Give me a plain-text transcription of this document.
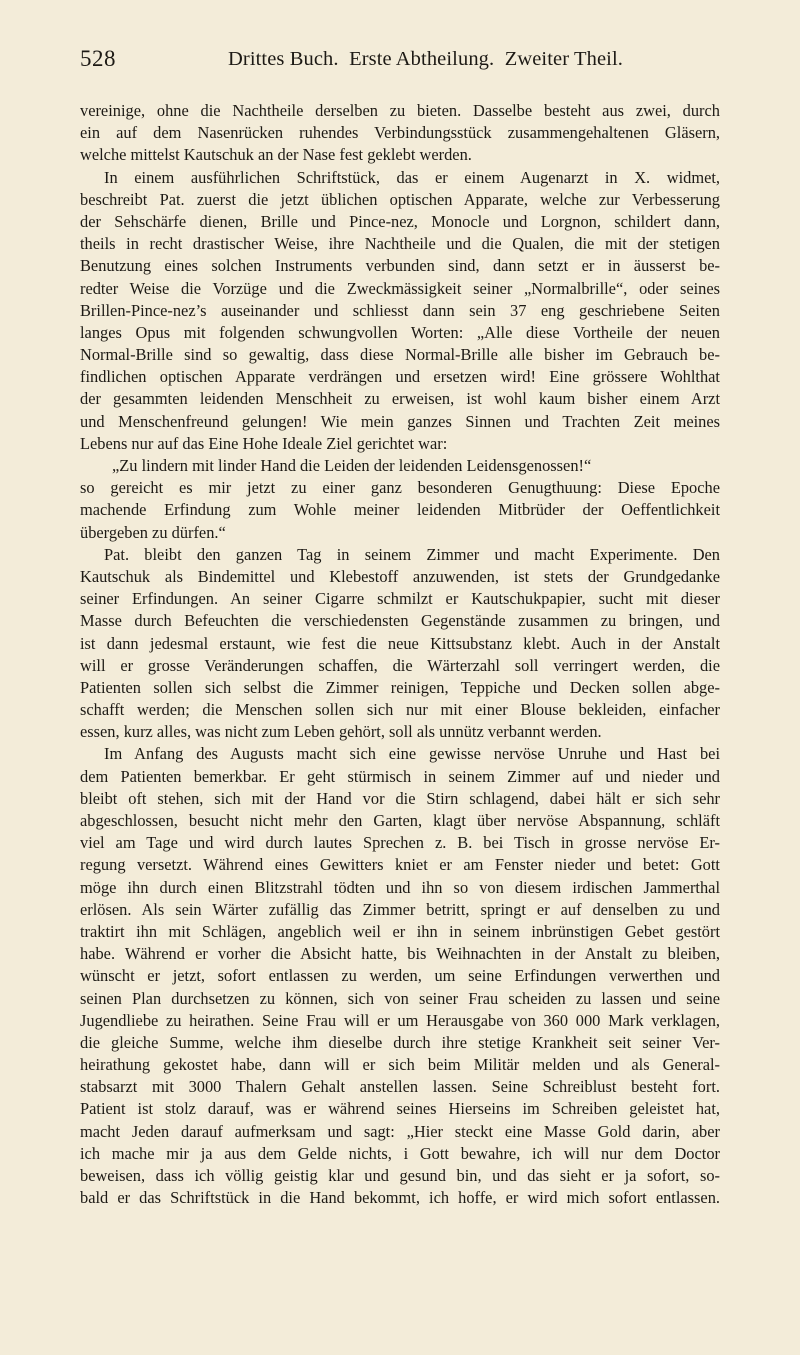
528	Drittes Buch.  Erste Abtheilung.  Zweiter Theil.
vereinige, ohne die Nachtheile derselben zu bieten. Dasselbe besteht aus zwei, durch
ein auf dem Nasenrücken ruhendes Verbindungsstück zusammengehaltenen Gläsern,
welche mittelst Kautschuk an der Nase fest geklebt werden.
In einem ausführlichen Schriftstück, das er einem Augenarzt in X. widmet,
beschreibt Pat. zuerst die jetzt üblichen optischen Apparate, welche zur Verbesserung
der Sehschärfe dienen, Brille und Pince-nez, Monocle und Lorgnon, schildert dann,
theils in recht drastischer Weise, ihre Nachtheile und die Qualen, die mit der stetigen
Benutzung eines solchen Instruments verbunden sind, dann setzt er in äusserst be-
redter Weise die Vorzüge und die Zweckmässigkeit seiner „Normalbrille“, oder seines
Brillen-Pince-nez’s auseinander und schliesst dann sein 37 eng geschriebene Seiten
langes Opus mit folgenden schwungvollen Worten: „Alle diese Vortheile der neuen
Normal-Brille sind so gewaltig, dass diese Normal-Brille alle bisher im Gebrauch be-
findlichen optischen Apparate verdrängen und ersetzen wird! Eine grössere Wohlthat
der gesammten leidenden Menschheit zu erweisen, ist wohl kaum bisher einem Arzt
und Menschenfreund gelungen! Wie mein ganzes Sinnen und Trachten Zeit meines
Lebens nur auf das Eine Hohe Ideale Ziel gerichtet war:
„Zu lindern mit linder Hand die Leiden der leidenden Leidensgenossen!“
so gereicht es mir jetzt zu einer ganz besonderen Genugthuung: Diese Epoche
machende Erfindung zum Wohle meiner leidenden Mitbrüder der Oeffentlichkeit
übergeben zu dürfen.“
Pat. bleibt den ganzen Tag in seinem Zimmer und macht Experimente. Den
Kautschuk als Bindemittel und Klebestoff anzuwenden, ist stets der Grundgedanke
seiner Erfindungen. An seiner Cigarre schmilzt er Kautschukpapier, sucht mit dieser
Masse durch Befeuchten die verschiedensten Gegenstände zusammen zu bringen, und
ist dann jedesmal erstaunt, wie fest die neue Kittsubstanz klebt. Auch in der Anstalt
will er grosse Veränderungen schaffen, die Wärterzahl soll verringert werden, die
Patienten sollen sich selbst die Zimmer reinigen, Teppiche und Decken sollen abge-
schafft werden; die Menschen sollen sich nur mit einer Blouse bekleiden, einfacher
essen, kurz alles, was nicht zum Leben gehört, soll als unnütz verbannt werden.
Im Anfang des Augusts macht sich eine gewisse nervöse Unruhe und Hast bei
dem Patienten bemerkbar. Er geht stürmisch in seinem Zimmer auf und nieder und
bleibt oft stehen, sich mit der Hand vor die Stirn schlagend, dabei hält er sich sehr
abgeschlossen, besucht nicht mehr den Garten, klagt über nervöse Abspannung, schläft
viel am Tage und wird durch lautes Sprechen z. B. bei Tisch in grosse nervöse Er-
regung versetzt. Während eines Gewitters kniet er am Fenster nieder und betet: Gott
möge ihn durch einen Blitzstrahl tödten und ihn so von diesem irdischen Jammerthal
erlösen. Als sein Wärter zufällig das Zimmer betritt, springt er auf denselben zu und
traktirt ihn mit Schlägen, angeblich weil er ihn in seinem inbrünstigen Gebet gestört
habe. Während er vorher die Absicht hatte, bis Weihnachten in der Anstalt zu bleiben,
wünscht er jetzt, sofort entlassen zu werden, um seine Erfindungen verwerthen und
seinen Plan durchsetzen zu können, sich von seiner Frau scheiden zu lassen und seine
Jugendliebe zu heirathen. Seine Frau will er um Herausgabe von 360 000 Mark verklagen,
die gleiche Summe, welche ihm dieselbe durch ihre stetige Krankheit seit seiner Ver-
heirathung gekostet habe, dann will er sich beim Militär melden und als General-
stabsarzt mit 3000 Thalern Gehalt anstellen lassen. Seine Schreiblust besteht fort.
Patient ist stolz darauf, was er während seines Hierseins im Schreiben geleistet hat,
macht Jeden darauf aufmerksam und sagt: „Hier steckt eine Masse Gold darin, aber
ich mache mir ja aus dem Gelde nichts, i Gott bewahre, ich will nur dem Doctor
beweisen, dass ich völlig geistig klar und gesund bin, und das sieht er ja sofort, so-
bald er das Schriftstück in die Hand bekommt, ich hoffe, er wird mich sofort entlassen.
